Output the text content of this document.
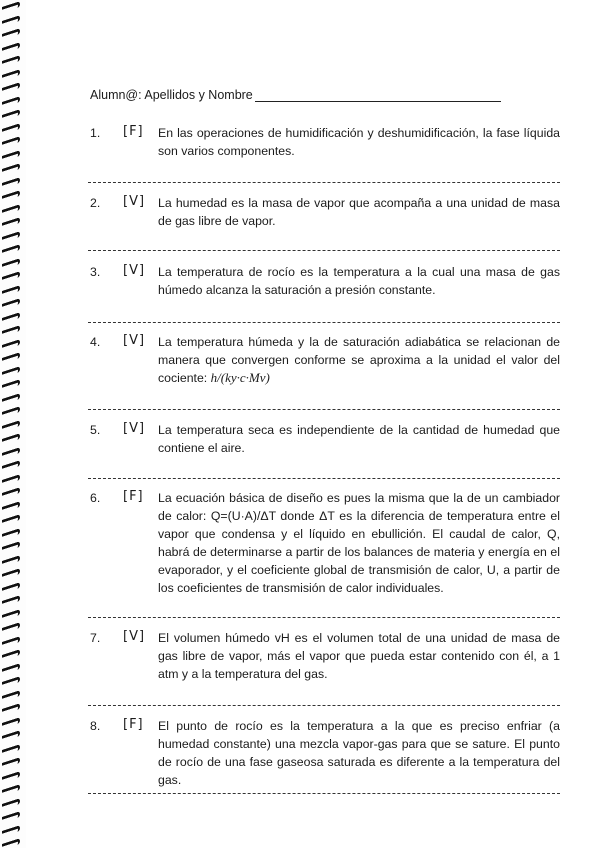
Alumn@: Apellidos y Nombre
1.	[F] En las operaciones de humidificación y deshumidificación, la fase líquida son varios componentes.
2.	[V] La humedad es la masa de vapor que acompaña a una unidad de masa de gas libre de vapor.
3.	[V] La temperatura de rocío es la temperatura a la cual una masa de gas húmedo alcanza la saturación a presión constante.
4.	[V] La temperatura húmeda y la de saturación adiabática se relacionan de manera que convergen conforme se aproxima a la unidad el valor del cociente: h/(ky·c·Mv)
5.	[V] La temperatura seca es independiente de la cantidad de humedad que contiene el aire.
6.	[F] La ecuación básica de diseño es pues la misma que la de un cambiador de calor: Q=(U·A)/ΔT donde ΔT es la diferencia de temperatura entre el vapor que condensa y el líquido en ebullición. El caudal de calor, Q, habrá de determinarse a partir de los balances de materia y energía en el evaporador, y el coeficiente global de transmisión de calor, U, a partir de los coeficientes de transmisión de calor individuales.
7.	[V] El volumen húmedo vH es el volumen total de una unidad de masa de gas libre de vapor, más el vapor que pueda estar contenido con él, a 1 atm y a la temperatura del gas.
8.	[F] El punto de rocío es la temperatura a la que es preciso enfriar (a humedad constante) una mezcla vapor-gas para que se sature. El punto de rocío de una fase gaseosa saturada es diferente a la temperatura del gas.
